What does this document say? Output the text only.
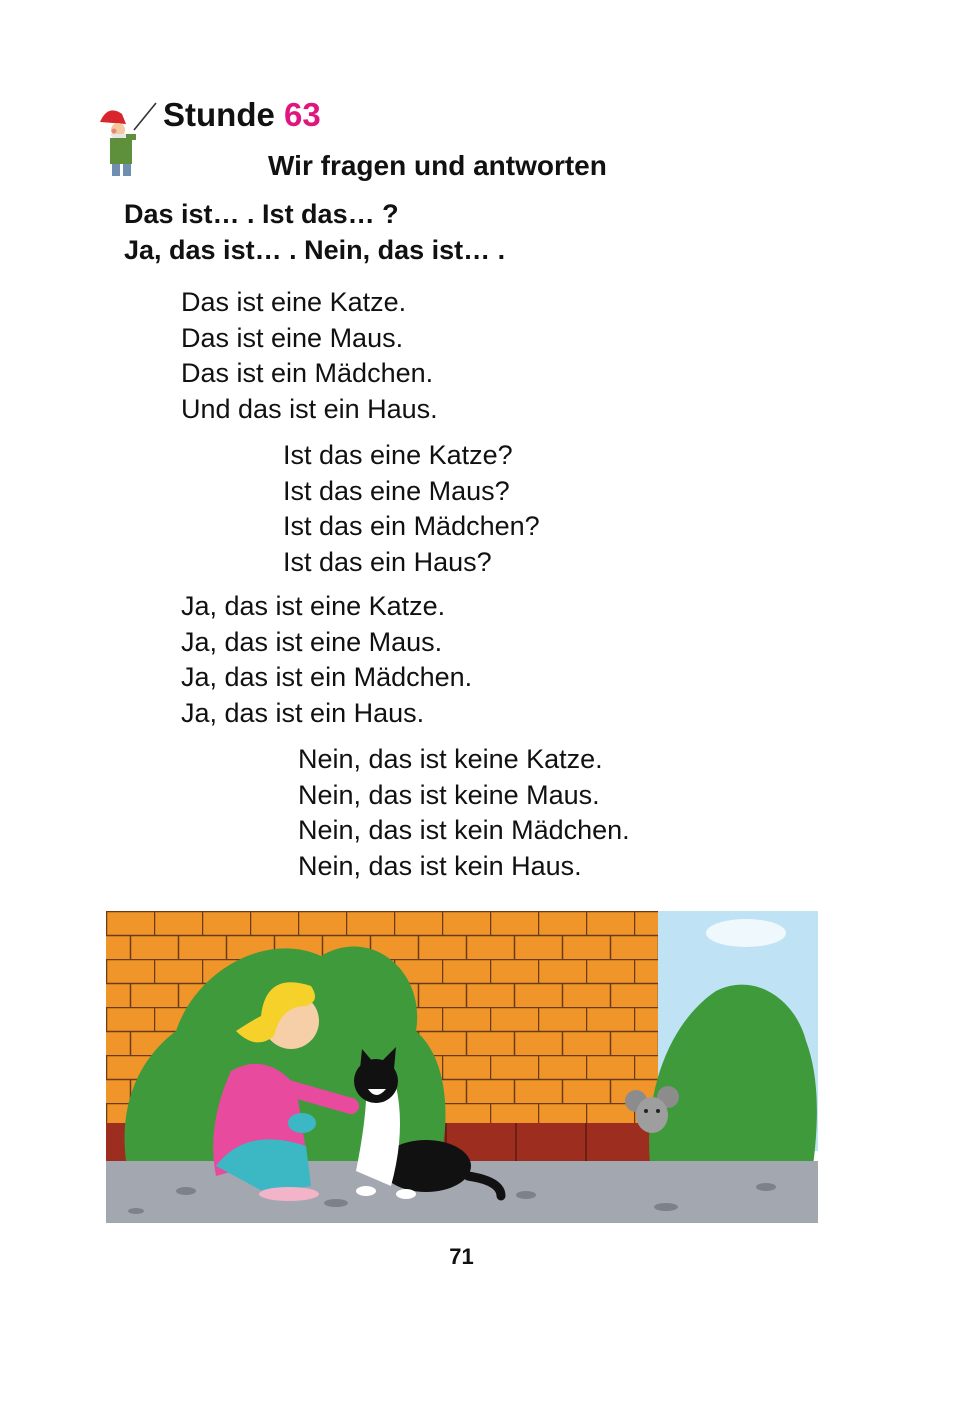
Stunde 63
Wir fragen und antworten
Das ist… . Ist das… ?
Ja, das ist… . Nein, das ist… .
Das ist eine Katze.
Das ist eine Maus.
Das ist ein Mädchen.
Und das ist ein Haus.
Ist das eine Katze?
Ist das eine Maus?
Ist das ein Mädchen?
Ist das ein Haus?
Ja, das ist eine Katze.
Ja, das ist eine Maus.
Ja, das ist ein Mädchen.
Ja, das ist ein Haus.
Nein, das ist keine Katze.
Nein, das ist keine Maus.
Nein, das ist kein Mädchen.
Nein, das ist kein Haus.
71
